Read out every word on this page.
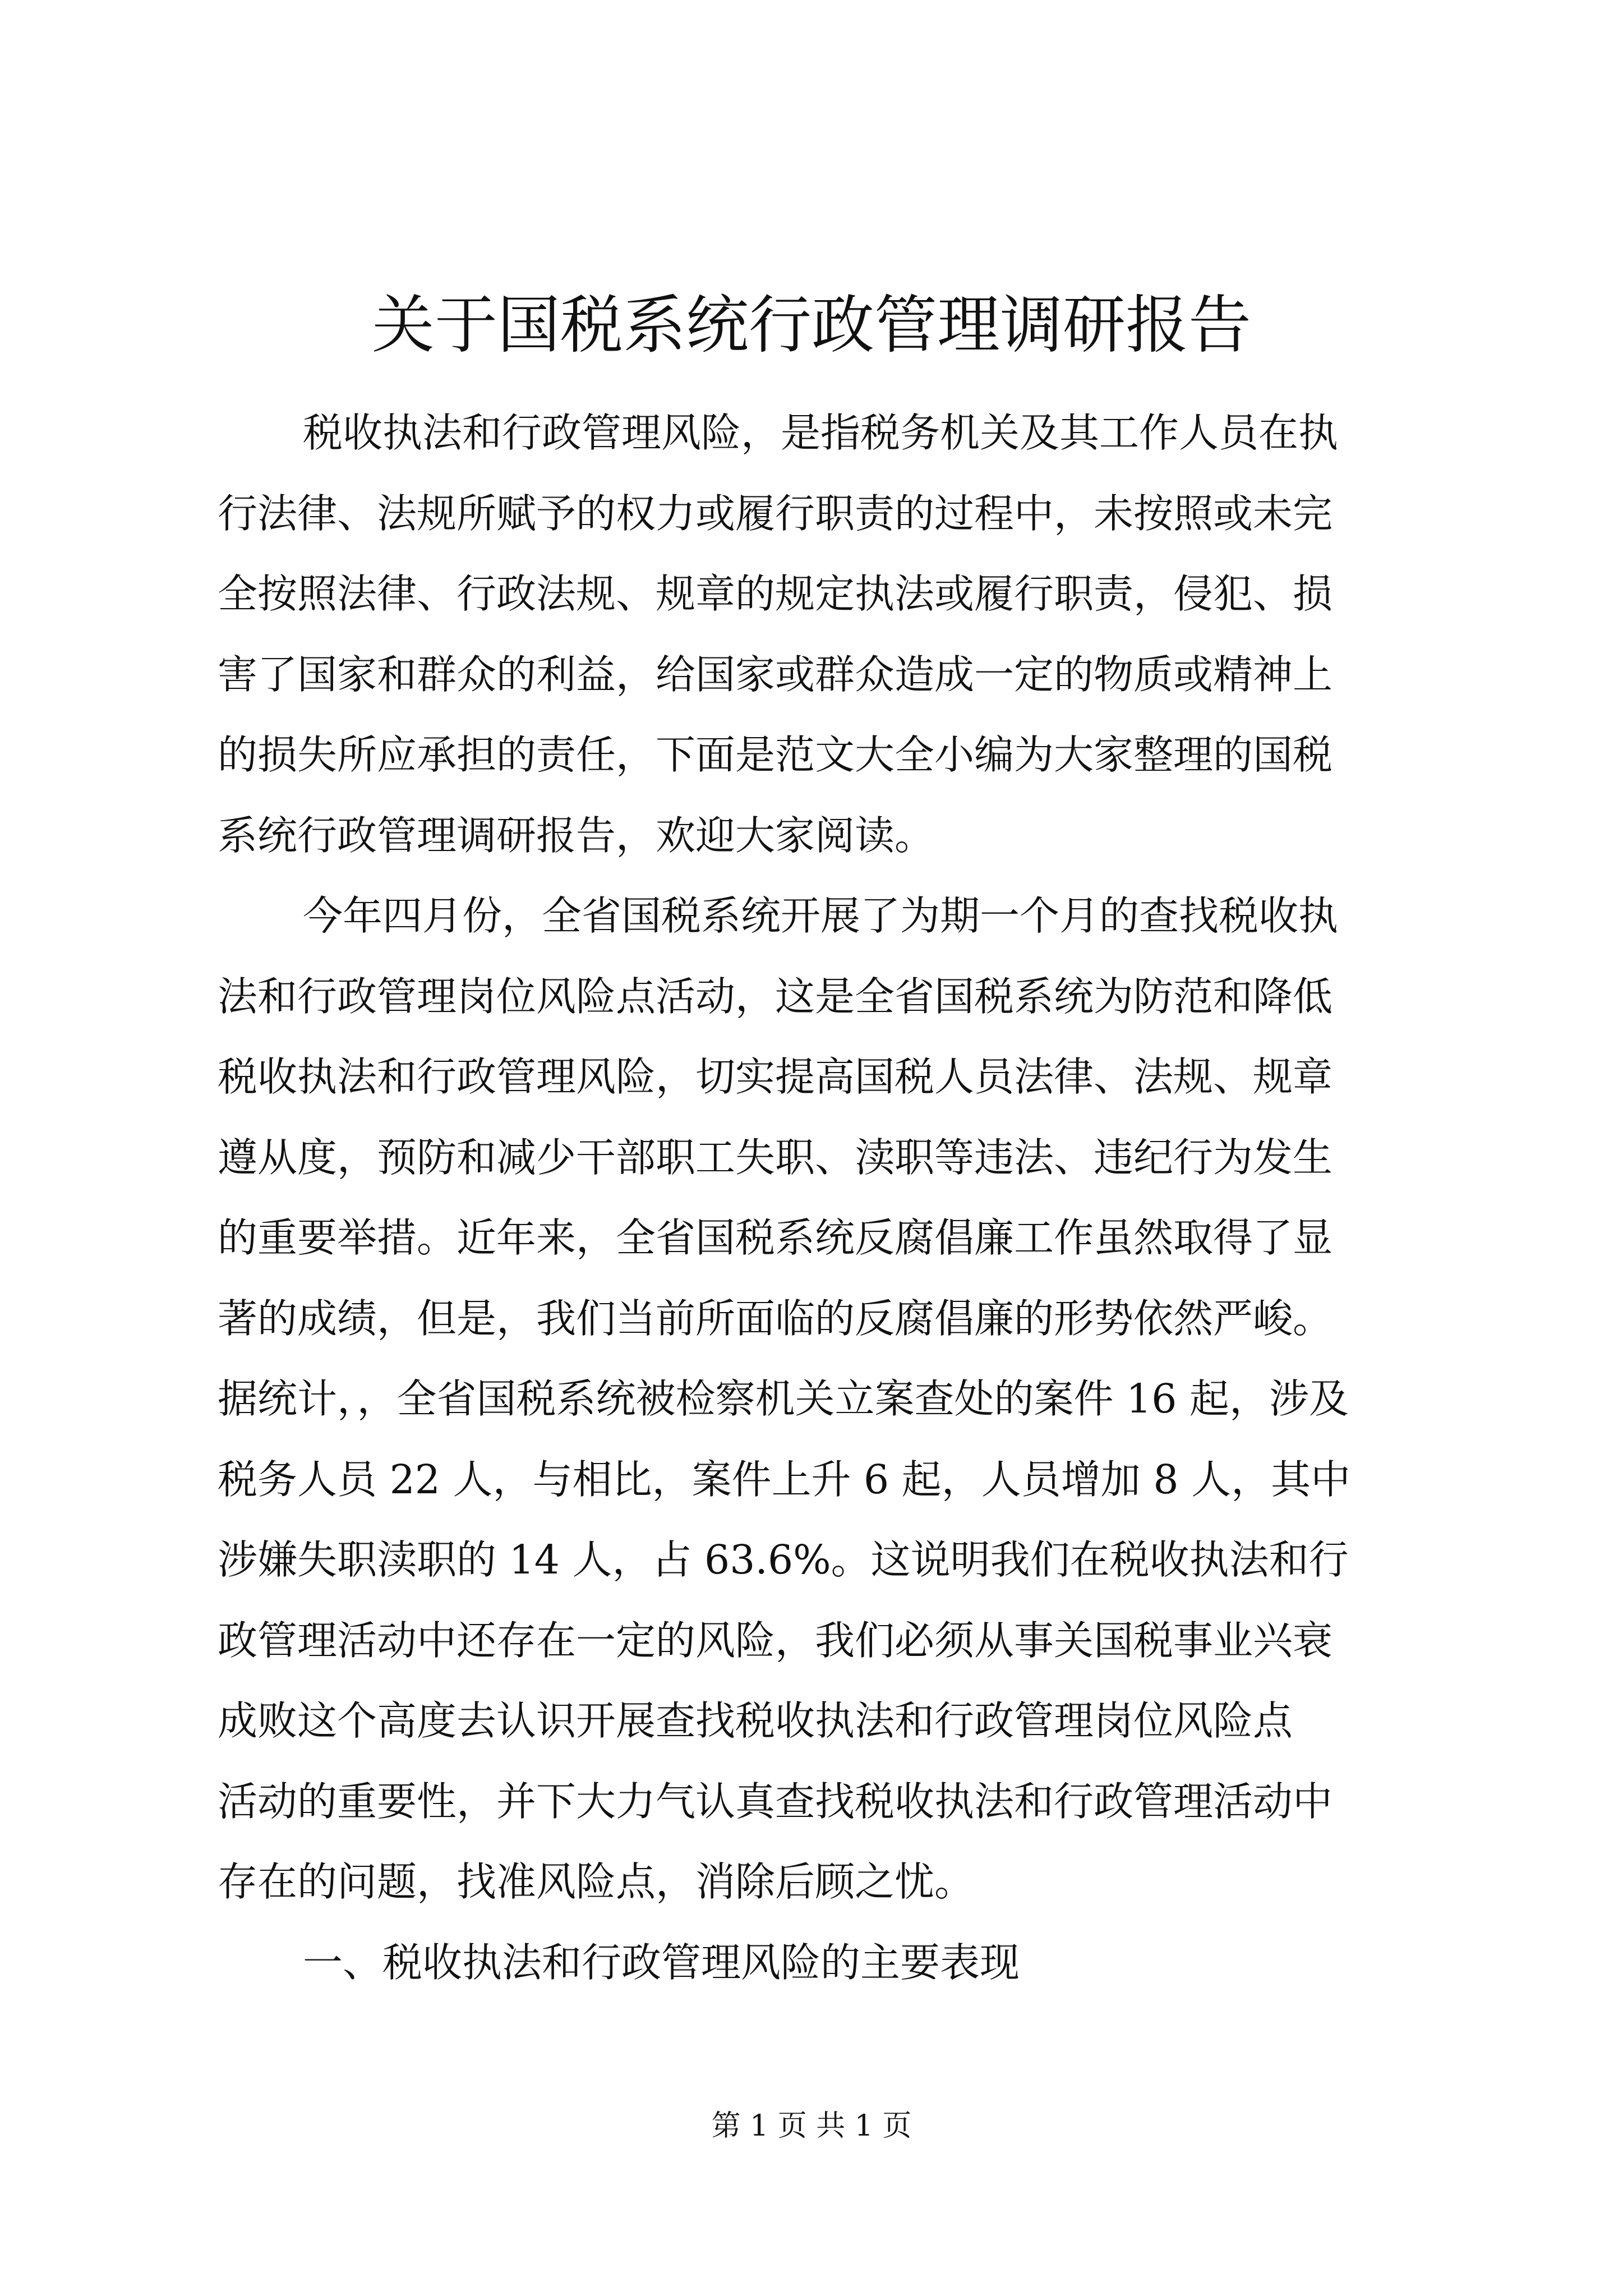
关于国税系统行政管理调研报告
税收执法和行政管理风险，是指税务机关及其工作人员在执
行法律、法规所赋予的权力或履行职责的过程中，未按照或未完
全按照法律、行政法规、规章的规定执法或履行职责，侵犯、损
害了国家和群众的利益，给国家或群众造成一定的物质或精神上
的损失所应承担的责任，下面是范文大全小编为大家整理的国税
系统行政管理调研报告，欢迎大家阅读。
今年四月份，全省国税系统开展了为期一个月的查找税收执
法和行政管理岗位风险点活动，这是全省国税系统为防范和降低
税收执法和行政管理风险，切实提高国税人员法律、法规、规章
遵从度，预防和减少干部职工失职、渎职等违法、违纪行为发生
的重要举措。近年来，全省国税系统反腐倡廉工作虽然取得了显
著的成绩，但是，我们当前所面临的反腐倡廉的形势依然严峻。
据统计，，全省国税系统被检察机关立案查处的案件 16 起，涉及
税务人员 22 人，与相比，案件上升 6 起，人员增加 8 人，其中
涉嫌失职渎职的 14 人，占 63.6%。这说明我们在税收执法和行
政管理活动中还存在一定的风险，我们必须从事关国税事业兴衰
成败这个高度去认识开展查找税收执法和行政管理岗位风险点
活动的重要性，并下大力气认真查找税收执法和行政管理活动中
存在的问题，找准风险点，消除后顾之忧。
一、税收执法和行政管理风险的主要表现
第 1 页 共 1 页
